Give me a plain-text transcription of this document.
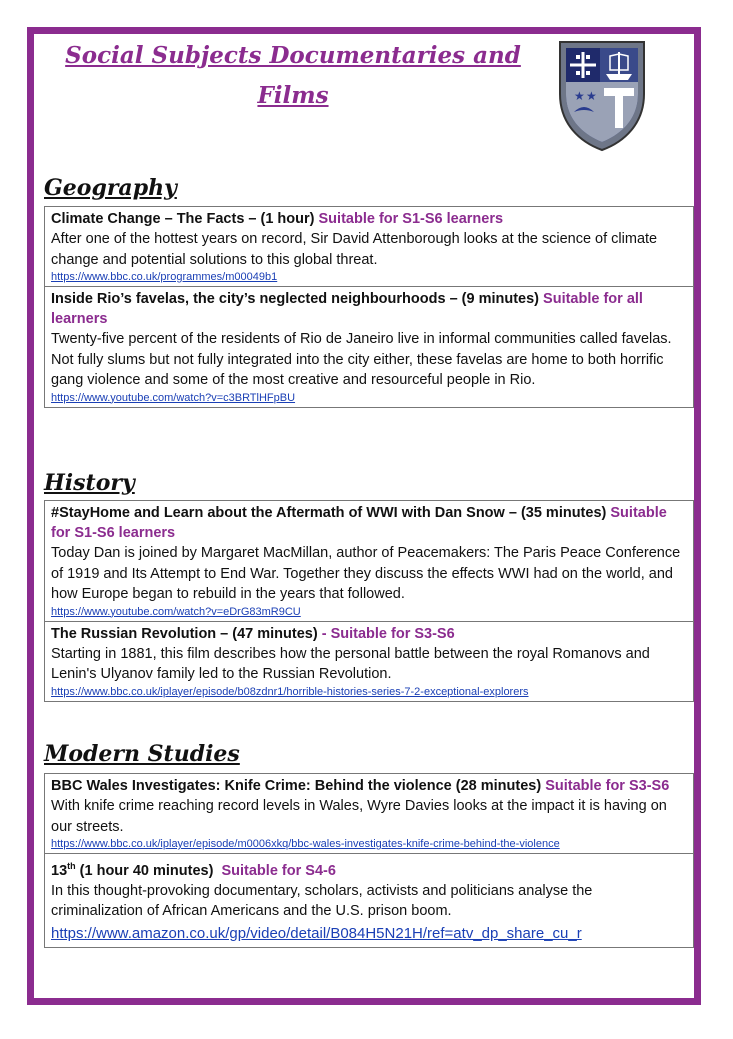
Social Subjects Documentaries and
Films	★ ★
Geography
Climate Change – The Facts – (1 hour) Suitable for S1-S6 learners
After one of the hottest years on record, Sir David Attenborough looks at the science of climate change and potential solutions to this global threat.
https://www.bbc.co.uk/programmes/m00049b1
Inside Rio’s favelas, the city’s neglected neighbourhoods – (9 minutes) Suitable for all learners
Twenty-five percent of the residents of Rio de Janeiro live in informal communities called favelas. Not fully slums but not fully integrated into the city either, these favelas are home to both horrific gang violence and some of the most creative and resourceful people in Rio.
https://www.youtube.com/watch?v=c3BRTlHFpBU
History
#StayHome and Learn about the Aftermath of WWI with Dan Snow – (35 minutes) Suitable for S1-S6 learners
Today Dan is joined by Margaret MacMillan, author of Peacemakers: The Paris Peace Conference of 1919 and Its Attempt to End War. Together they discuss the effects WWI had on the world, and how Europe began to rebuild in the years that followed.
https://www.youtube.com/watch?v=eDrG83mR9CU
The Russian Revolution – (47 minutes) - Suitable for S3-S6
Starting in 1881, this film describes how the personal battle between the royal Romanovs and Lenin's Ulyanov family led to the Russian Revolution.
https://www.bbc.co.uk/iplayer/episode/b08zdnr1/horrible-histories-series-7-2-exceptional-explorers
Modern Studies
BBC Wales Investigates: Knife Crime: Behind the violence (28 minutes) Suitable for S3-S6
With knife crime reaching record levels in Wales, Wyre Davies looks at the impact it is having on our streets.
https://www.bbc.co.uk/iplayer/episode/m0006xkq/bbc-wales-investigates-knife-crime-behind-the-violence
13th (1 hour 40 minutes) Suitable for S4-6
In this thought-provoking documentary, scholars, activists and politicians analyse the criminalization of African Americans and the U.S. prison boom.
https://www.amazon.co.uk/gp/video/detail/B084H5N21H/ref=atv_dp_share_cu_r
